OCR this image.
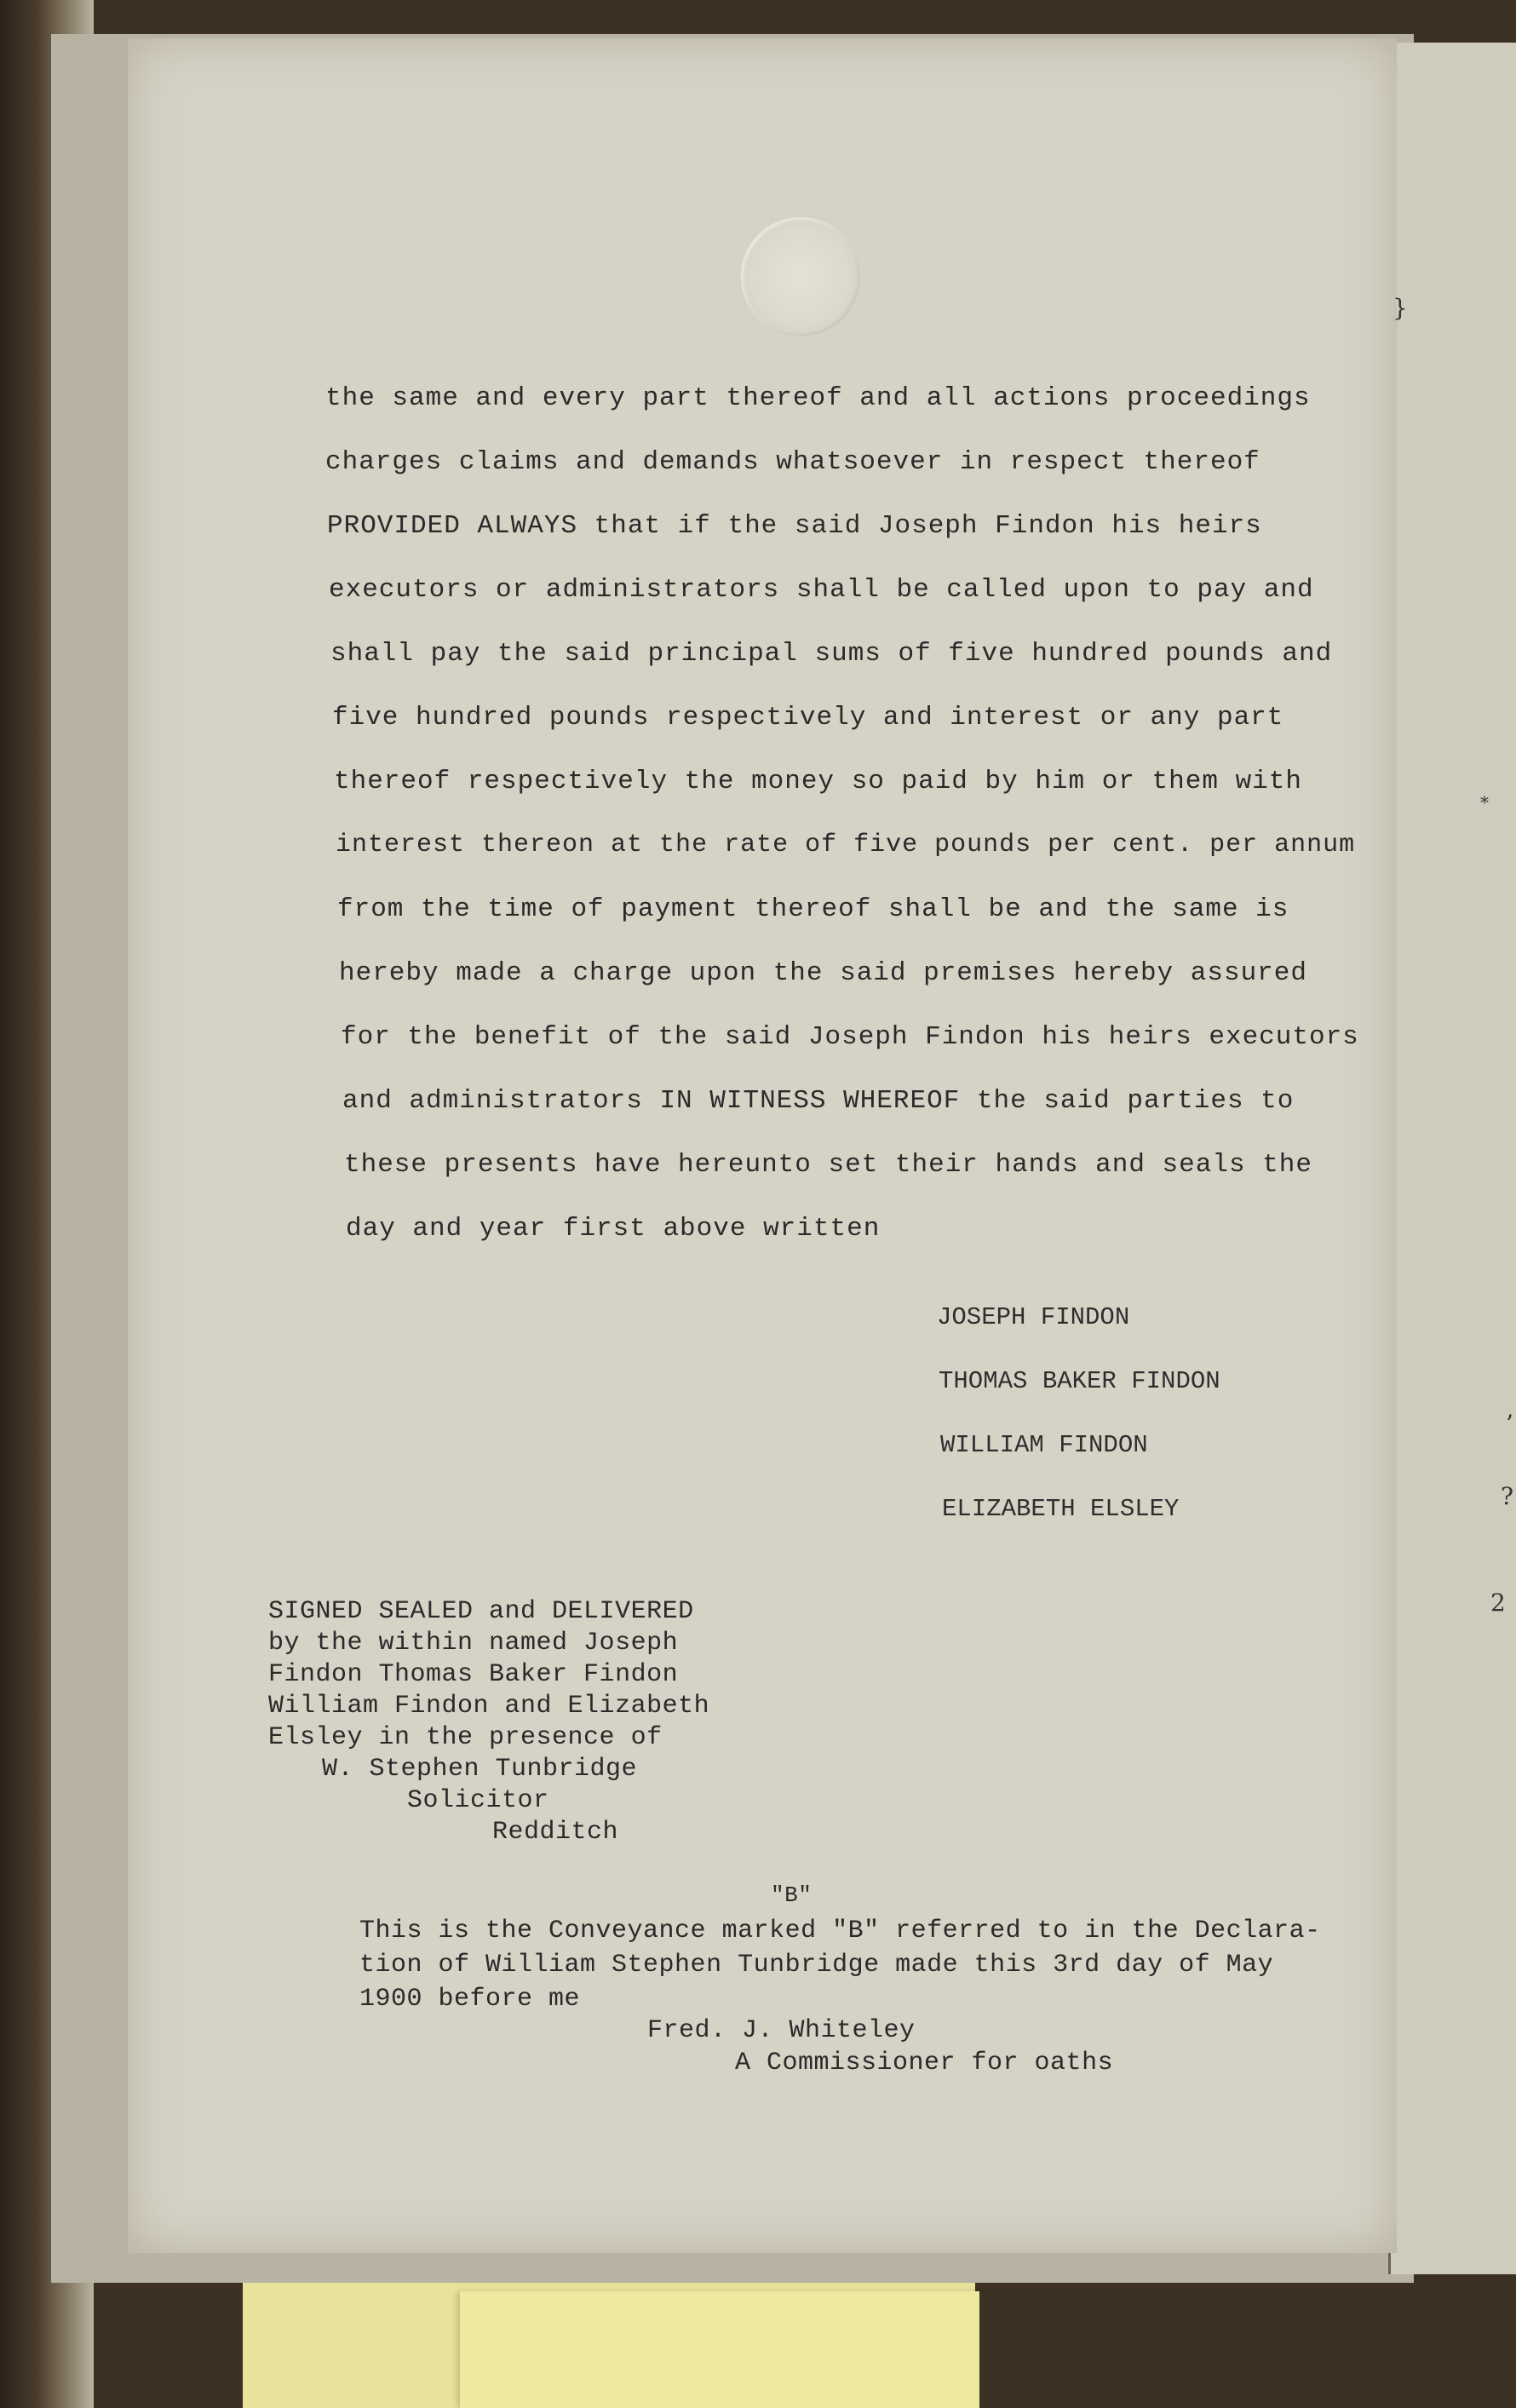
the same and every part thereof and all actions proceedings
charges claims and demands whatsoever in respect thereof
PROVIDED ALWAYS that if the said Joseph Findon his heirs
executors or administrators shall be called upon to pay and
shall pay the said principal sums of five hundred pounds and
five hundred pounds respectively and interest or any part
thereof respectively the money so paid by him or them with
interest thereon at the rate of five pounds per cent. per annum
from the time of payment thereof shall be and the same is
hereby made a charge upon the said premises hereby assured
for the benefit of the said Joseph Findon his heirs executors
and administrators IN WITNESS WHEREOF the said parties to
these presents have hereunto set their hands and seals the
day and year first above written
JOSEPH FINDON
THOMAS BAKER FINDON
WILLIAM FINDON
ELIZABETH ELSLEY
SIGNED SEALED and DELIVERED
by the within named Joseph
Findon Thomas Baker Findon
William Findon and Elizabeth
Elsley in the presence of
W. Stephen Tunbridge
Solicitor
Redditch
"B"
This is the Conveyance marked "B" referred to in the Declara-
tion of William Stephen Tunbridge made this 3rd day of May
1900 before me
Fred. J. Whiteley
A Commissioner for oaths
}
*
’
?
2
